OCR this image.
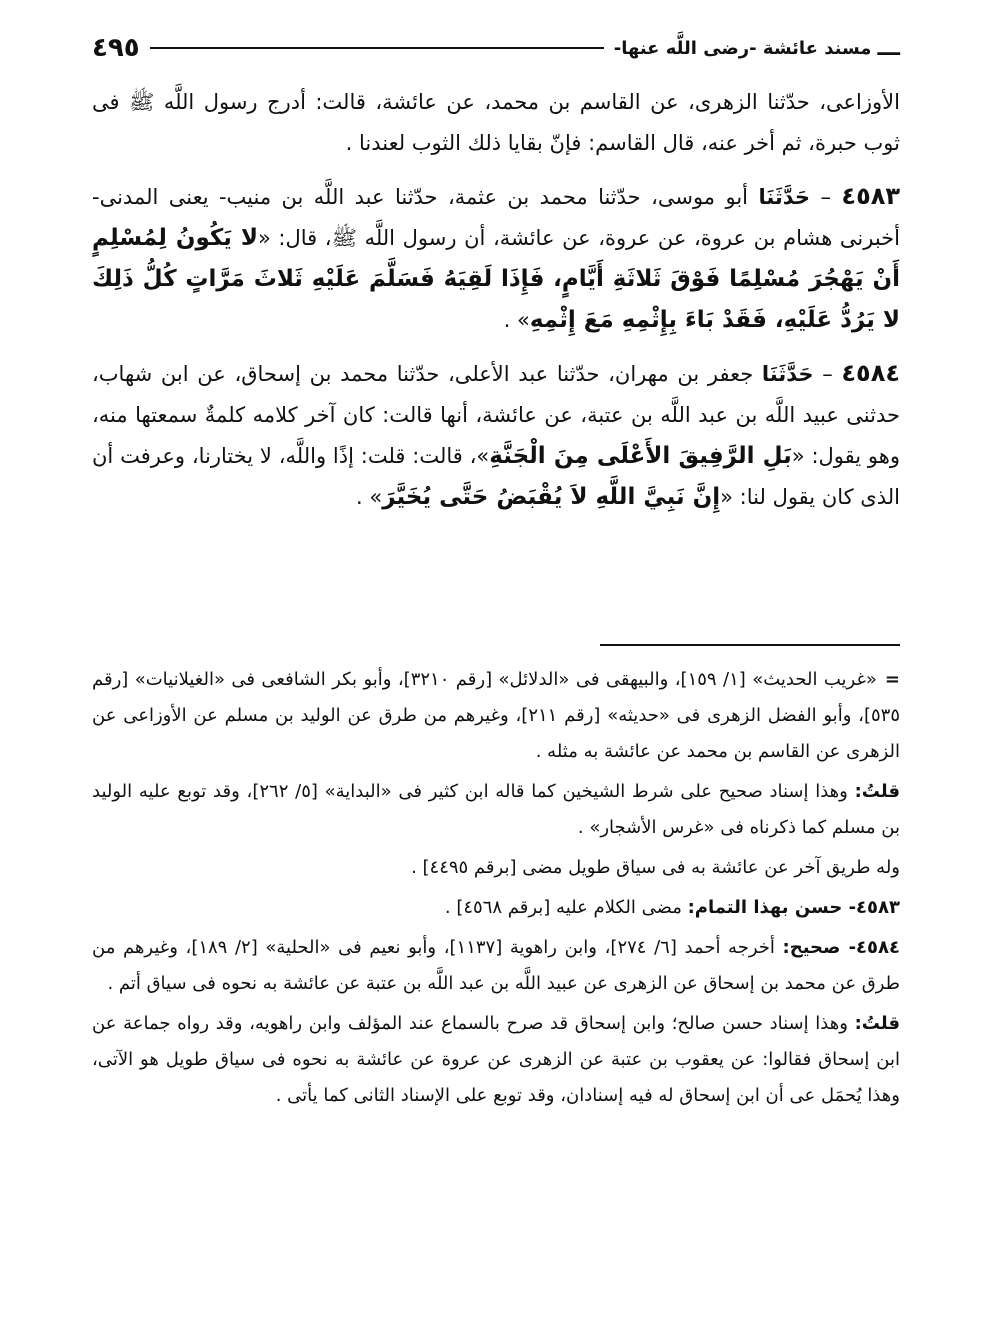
ـــ
مسند عائشة -رضى اللَّه عنها-
٤٩٥

الأوزاعى، حدّثنا الزهرى، عن القاسم بن محمد، عن عائشة، قالت: أدرج رسول اللَّه ﷺ فى ثوب حبرة، ثم أخر عنه، قال القاسم: فإنّ بقايا ذلك الثوب لعندنا .

٤٥٨٣ – حَدَّثَنَا أبو موسى، حدّثنا محمد بن عثمة، حدّثنا عبد اللَّه بن منيب- يعنى المدنى- أخبرنى هشام بن عروة، عن عروة، عن عائشة، أن رسول اللَّه ﷺ، قال: «لا يَكُونُ لِمُسْلِمٍ أَنْ يَهْجُرَ مُسْلِمًا فَوْقَ ثَلاثَةِ أَيَّامٍ، فَإِذَا لَقِيَهُ فَسَلَّمَ عَلَيْهِ ثَلاثَ مَرَّاتٍ كُلُّ ذَلِكَ لا يَرُدُّ عَلَيْهِ، فَقَدْ بَاءَ بِإِثْمِهِ مَعَ إِثْمِهِ» .

٤٥٨٤ – حَدَّثَنَا جعفر بن مهران، حدّثنا عبد الأعلى، حدّثنا محمد بن إسحاق، عن ابن شهاب، حدثنى عبيد اللَّه بن عبد اللَّه بن عتبة، عن عائشة، أنها قالت: كان آخر كلامه كلمةٌ سمعتها منه، وهو يقول: «بَلِ الرَّفِيقَ الأَعْلَى مِنَ الْجَنَّةِ»، قالت: قلت: إذًا واللَّه، لا يختارنا، وعرفت أن الذى كان يقول لنا: «إِنَّ نَبِيَّ اللَّهِ لاَ يُقْبَضُ حَتَّى يُخَيَّرَ» .

=«غريب الحديث» [١/ ١٥٩]، والبيهقى فى «الدلائل» [رقم ٣٢١٠]، وأبو بكر الشافعى فى «الغيلانيات» [رقم ٥٣٥]، وأبو الفضل الزهرى فى «حديثه» [رقم ٢١١]، وغيرهم من طرق عن الوليد بن مسلم عن الأوزاعى عن الزهرى عن القاسم بن محمد عن عائشة به مثله .

قلتُ: وهذا إسناد صحيح على شرط الشيخين كما قاله ابن كثير فى «البداية» [٥/ ٢٦٢]، وقد توبع عليه الوليد بن مسلم كما ذكرناه فى «غرس الأشجار» .

وله طريق آخر عن عائشة به فى سياق طويل مضى [برقم ٤٤٩٥] .

٤٥٨٣- حسن بهذا التمام: مضى الكلام عليه [برقم ٤٥٦٨] .

٤٥٨٤- صحيح: أخرجه أحمد [٦/ ٢٧٤]، وابن راهوية [١١٣٧]، وأبو نعيم فى «الحلية» [٢/ ١٨٩]، وغيرهم من طرق عن محمد بن إسحاق عن الزهرى عن عبيد اللَّه بن عبد اللَّه بن عتبة عن عائشة به نحوه فى سياق أتم .

قلتُ: وهذا إسناد حسن صالح؛ وابن إسحاق قد صرح بالسماع عند المؤلف وابن راهويه، وقد رواه جماعة عن ابن إسحاق فقالوا: عن يعقوب بن عتبة عن الزهرى عن عروة عن عائشة به نحوه فى سياق طويل هو الآتى، وهذا يُحمَل عى أن ابن إسحاق له فيه إسنادان، وقد توبع على الإسناد الثانى كما يأتى .
